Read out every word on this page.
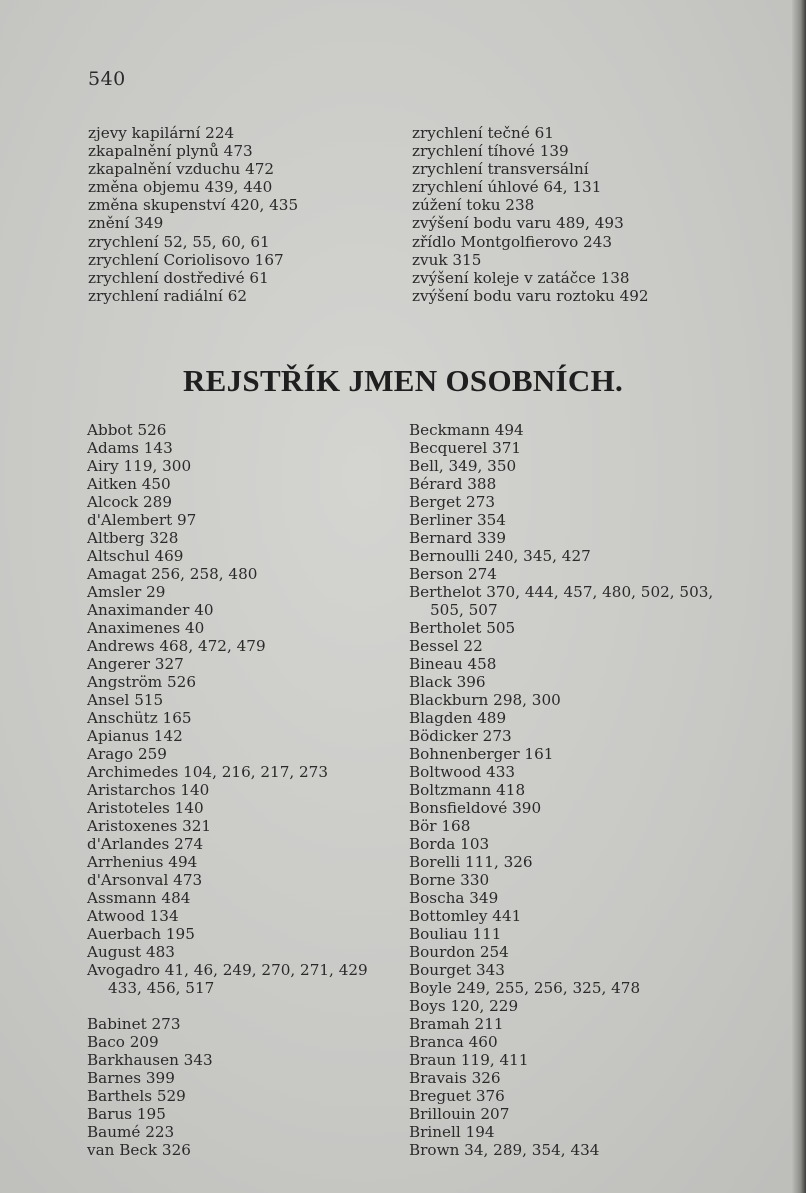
540
zjevy kapilární 224
zkapalnění plynů 473
zkapalnění vzduchu 472
změna objemu 439, 440
změna skupenství 420, 435
znění 349
zrychlení 52, 55, 60, 61
zrychlení Coriolisovo 167
zrychlení dostředivé 61
zrychlení radiální 62
zrychlení tečné 61
zrychlení tíhové 139
zrychlení transversální
zrychlení úhlové 64, 131
zúžení toku 238
zvýšení bodu varu 489, 493
zřídlo Montgolfierovo 243
zvuk 315
zvýšení koleje v zatáčce 138
zvýšení bodu varu roztoku 492
REJSTŘÍK JMEN OSOBNÍCH.
Abbot 526
Adams 143
Airy 119, 300
Aitken 450
Alcock 289
d'Alembert 97
Altberg 328
Altschul 469
Amagat 256, 258, 480
Amsler 29
Anaximander 40
Anaximenes 40
Andrews 468, 472, 479
Angerer 327
Angström 526
Ansel 515
Anschütz 165
Apianus 142
Arago 259
Archimedes 104, 216, 217, 273
Aristarchos 140
Aristoteles 140
Aristoxenes 321
d'Arlandes 274
Arrhenius 494
d'Arsonval 473
Assmann 484
Atwood 134
Auerbach 195
August 483
Avogadro 41, 46, 249, 270, 271, 429
433, 456, 517
Babinet 273
Baco 209
Barkhausen 343
Barnes 399
Barthels 529
Barus 195
Baumé 223
van Beck 326
Beckmann 494
Becquerel 371
Bell, 349, 350
Bérard 388
Berget 273
Berliner 354
Bernard 339
Bernoulli 240, 345, 427
Berson 274
Berthelot 370, 444, 457, 480, 502, 503,
505, 507
Bertholet 505
Bessel 22
Bineau 458
Black 396
Blackburn 298, 300
Blagden 489
Bödicker 273
Bohnenberger 161
Boltwood 433
Boltzmann 418
Bonsfieldové 390
Bör 168
Borda 103
Borelli 111, 326
Borne 330
Boscha 349
Bottomley 441
Bouliau 111
Bourdon 254
Bourget 343
Boyle 249, 255, 256, 325, 478
Boys 120, 229
Bramah 211
Branca 460
Braun 119, 411
Bravais 326
Breguet 376
Brillouin 207
Brinell 194
Brown 34, 289, 354, 434
